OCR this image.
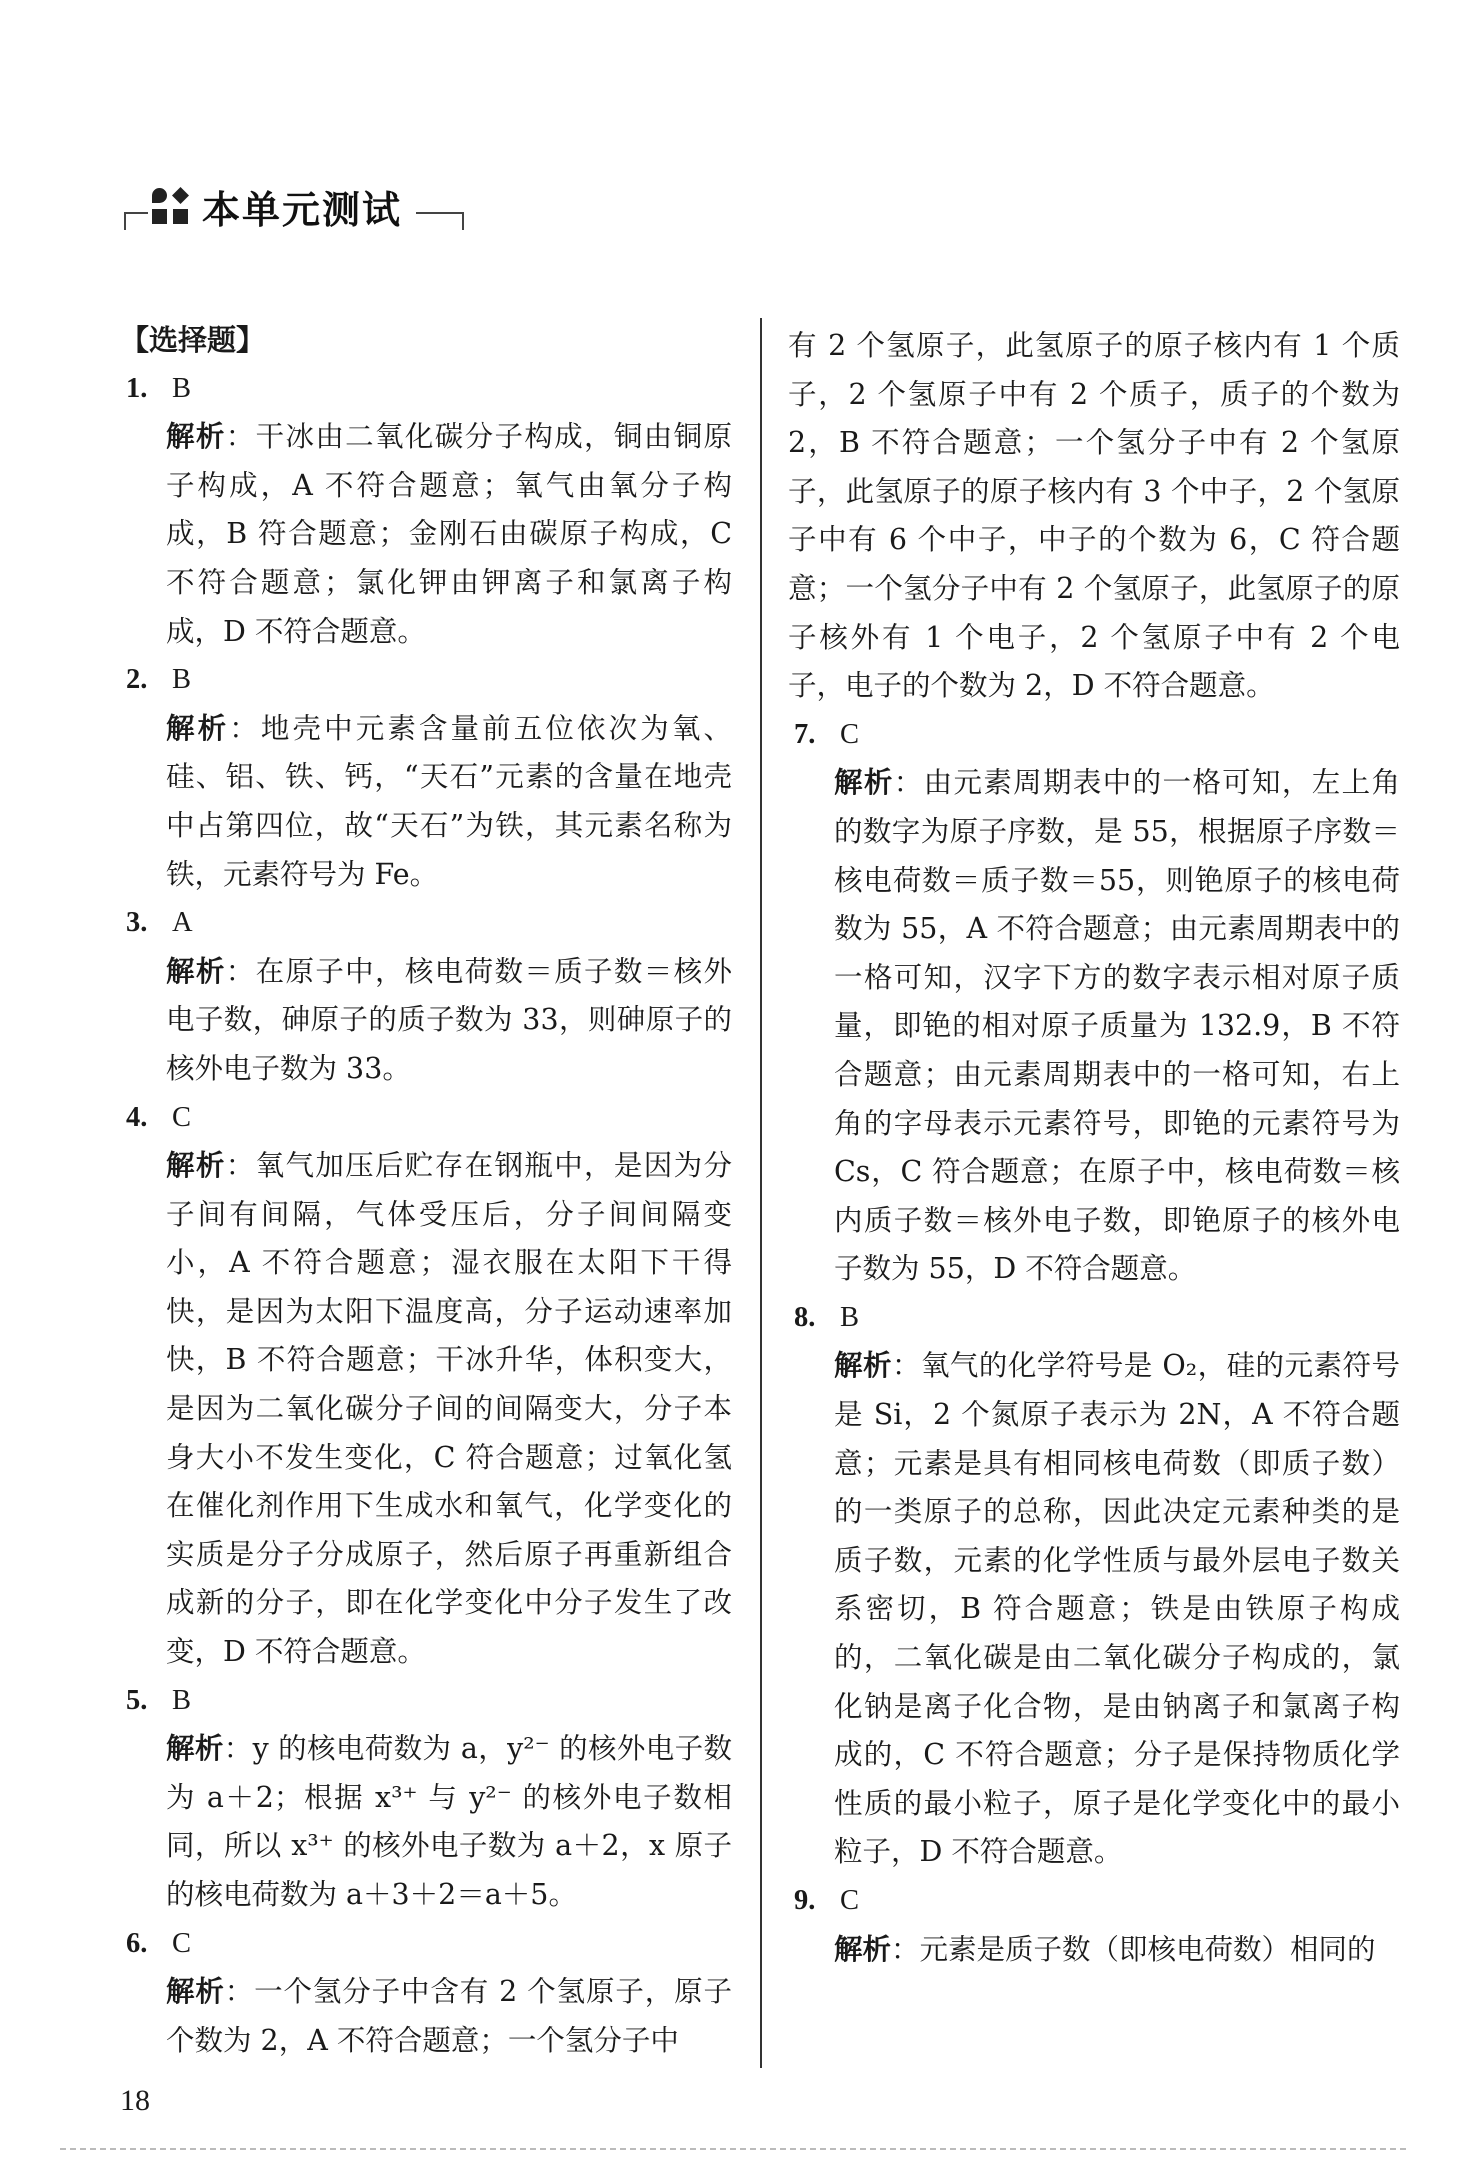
本单元测试
【选择题】
1. B
解析：干冰由二氧化碳分子构成，铜由铜原子构成，A 不符合题意；氧气由氧分子构成，B 符合题意；金刚石由碳原子构成，C 不符合题意；氯化钾由钾离子和氯离子构成，D 不符合题意。
2. B
解析：地壳中元素含量前五位依次为氧、硅、铝、铁、钙，“天石”元素的含量在地壳中占第四位，故“天石”为铁，其元素名称为铁，元素符号为 Fe。
3. A
解析：在原子中，核电荷数＝质子数＝核外电子数，砷原子的质子数为 33，则砷原子的核外电子数为 33。
4. C
解析：氧气加压后贮存在钢瓶中，是因为分子间有间隔，气体受压后，分子间间隔变小，A 不符合题意；湿衣服在太阳下干得快，是因为太阳下温度高，分子运动速率加快，B 不符合题意；干冰升华，体积变大，是因为二氧化碳分子间的间隔变大，分子本身大小不发生变化，C 符合题意；过氧化氢在催化剂作用下生成水和氧气，化学变化的实质是分子分成原子，然后原子再重新组合成新的分子，即在化学变化中分子发生了改变，D 不符合题意。
5. B
解析：y 的核电荷数为 a，y²⁻ 的核外电子数为 a＋2；根据 x³⁺ 与 y²⁻ 的核外电子数相同，所以 x³⁺ 的核外电子数为 a＋2，x 原子的核电荷数为 a＋3＋2＝a＋5。
6. C
解析：一个氢分子中含有 2 个氢原子，原子个数为 2，A 不符合题意；一个氢分子中
有 2 个氢原子，此氢原子的原子核内有 1 个质子，2 个氢原子中有 2 个质子，质子的个数为 2，B 不符合题意；一个氢分子中有 2 个氢原子，此氢原子的原子核内有 3 个中子，2 个氢原子中有 6 个中子，中子的个数为 6，C 符合题意；一个氢分子中有 2 个氢原子，此氢原子的原子核外有 1 个电子，2 个氢原子中有 2 个电子，电子的个数为 2，D 不符合题意。
7. C
解析：由元素周期表中的一格可知，左上角的数字为原子序数，是 55，根据原子序数＝核电荷数＝质子数＝55，则铯原子的核电荷数为 55，A 不符合题意；由元素周期表中的一格可知，汉字下方的数字表示相对原子质量，即铯的相对原子质量为 132.9，B 不符合题意；由元素周期表中的一格可知，右上角的字母表示元素符号，即铯的元素符号为 Cs，C 符合题意；在原子中，核电荷数＝核内质子数＝核外电子数，即铯原子的核外电子数为 55，D 不符合题意。
8. B
解析：氧气的化学符号是 O₂，硅的元素符号是 Si，2 个氮原子表示为 2N，A 不符合题意；元素是具有相同核电荷数（即质子数）的一类原子的总称，因此决定元素种类的是质子数，元素的化学性质与最外层电子数关系密切，B 符合题意；铁是由铁原子构成的，二氧化碳是由二氧化碳分子构成的，氯化钠是离子化合物，是由钠离子和氯离子构成的，C 不符合题意；分子是保持物质化学性质的最小粒子，原子是化学变化中的最小粒子，D 不符合题意。
9. C
解析：元素是质子数（即核电荷数）相同的
18
